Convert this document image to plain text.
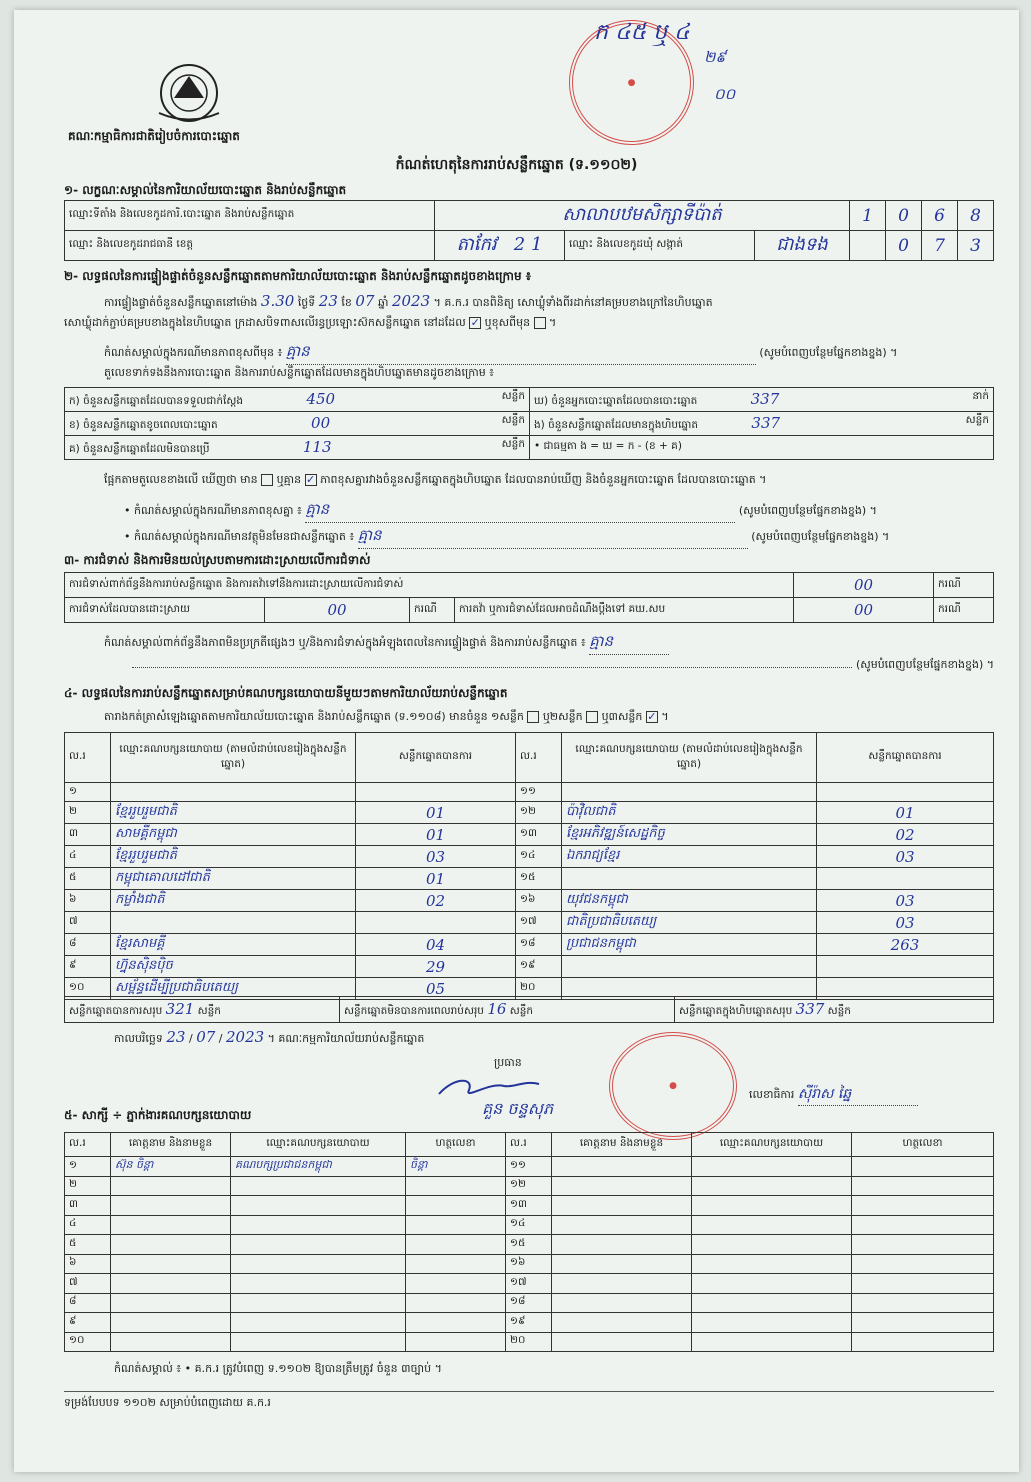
●
ក ៤៥ ឬ ៤
២៩
០០
គណៈកម្មាធិការជាតិរៀបចំការបោះឆ្នោត
កំណត់ហេតុនៃការរាប់សន្លឹកឆ្នោត (ទ.១១០២)
១- លក្ខណៈសម្គាល់នៃការិយាល័យបោះឆ្នោត និងរាប់សន្លឹកឆ្នោត
ឈ្មោះទីតាំង និងលេខកូដការិ.បោះឆ្នោត និងរាប់សន្លឹកឆ្នោត	សាលាបឋមសិក្សាទីប៉ាត់			1	0	6	8
ឈ្មោះ និងលេខកូដរាជធានី ខេត្ត	តាកែវ 2 1	ឈ្មោះ និងលេខកូដឃុំ សង្កាត់	ជាងទង		0	7	3
២- លទ្ធផលនៃការផ្ទៀងផ្ទាត់ចំនួនសន្លឹកឆ្នោតតាមការិយាល័យបោះឆ្នោត និងរាប់សន្លឹកឆ្នោតដូចខាងក្រោម ៖
ការផ្ទៀងផ្ទាត់ចំនួនសន្លឹកឆ្នោតនៅម៉ោង 3.30 ថ្ងៃទី 23 ខែ 07 ឆ្នាំ 2023 ។ គ.ក.រ បានពិនិត្យ សោឃ្លុំទាំងពីរដាក់នៅគម្របខាងក្រៅនៃហិបឆ្នោត
សោឃ្លុំដាក់ភ្ជាប់គម្របខាងក្នុងនៃហិបឆ្នោត ក្រដាសបិទពាសលើរន្ធប្រឡោះស៊កសន្លឹកឆ្នោត នៅដដែល ✓ ឬខុសពីមុន  ។
កំណត់សម្គាល់ក្នុងករណីមានភាពខុសពីមុន ៖ គ្មាន	(សូមបំពេញបន្ថែមផ្នែកខាងខ្នង) ។
តួលេខទាក់ទងនឹងការបោះឆ្នោត និងការរាប់សន្លឹកឆ្នោតដែលមានក្នុងហិបឆ្នោតមានដូចខាងក្រោម ៖
ក) ចំនួនសន្លឹកឆ្នោតដែលបានទទួលជាក់ស្តែង 450 សន្លឹក	ឃ) ចំនួនអ្នកបោះឆ្នោតដែលបានបោះឆ្នោត 337 នាក់

ខ) ចំនួនសន្លឹកឆ្នោតខូចពេលបោះឆ្នោត 00 សន្លឹក	ង) ចំនួនសន្លឹកឆ្នោតដែលមានក្នុងហិបឆ្នោត 337 សន្លឹក

គ) ចំនួនសន្លឹកឆ្នោតដែលមិនបានប្រើ 113 សន្លឹក	• ជាធម្មតា ង = ឃ = ក - (ខ + គ)
ផ្អែកតាមតួលេខខាងលើ ឃើញថា មាន ឬគ្មាន ✓ ភាពខុសគ្នារវាងចំនួនសន្លឹកឆ្នោតក្នុងហិបឆ្នោត ដែលបានរាប់ឃើញ និងចំនួនអ្នកបោះឆ្នោត ដែលបានបោះឆ្នោត ។
• កំណត់សម្គាល់ក្នុងករណីមានភាពខុសគ្នា ៖ គ្មាន	(សូមបំពេញបន្ថែមផ្នែកខាងខ្នង) ។
• កំណត់សម្គាល់ក្នុងករណីមានវត្ថុមិនមែនជាសន្លឹកឆ្នោត ៖ គ្មាន	(សូមបំពេញបន្ថែមផ្នែកខាងខ្នង) ។
៣- ការជំទាស់ និងការមិនយល់ស្របតាមការដោះស្រាយលើការជំទាស់
ការជំទាស់ពាក់ព័ន្ធនឹងការរាប់សន្លឹកឆ្នោត និងការតវ៉ាទៅនឹងការដោះស្រាយលើការជំទាស់				00	ករណី
ការជំទាស់ដែលបានដោះស្រាយ	00	ករណី	ការតវ៉ា ឬការជំទាស់ដែលអាចដំណឹងប្តឹងទៅ គឃ.សប	00	ករណី
កំណត់សម្គាល់ពាក់ព័ន្ធនឹងភាពមិនប្រក្រតីផ្សេងៗ ឬ/និងការជំទាស់ក្នុងអំឡុងពេលនៃការផ្ទៀងផ្ទាត់ និងការរាប់សន្លឹកឆ្នោត ៖ គ្មាន
(សូមបំពេញបន្ថែមផ្នែកខាងខ្នង) ។
៤- លទ្ធផលនៃការរាប់សន្លឹកឆ្នោតសម្រាប់គណបក្សនយោបាយនីមួយៗតាមការិយាល័យរាប់សន្លឹកឆ្នោត
តារាងកត់ត្រាសំឡេងឆ្នោតតាមការិយាល័យបោះឆ្នោត និងរាប់សន្លឹកឆ្នោត (ទ.១១០៨) មានចំនួន ១សន្លឹក ឬ២សន្លឹក ឬ៣សន្លឹក ✓ ។
ល.រ	ឈ្មោះគណបក្សនយោបាយ (តាមលំដាប់លេខរៀងក្នុងសន្លឹកឆ្នោត)	សន្លឹកឆ្នោតបានការ	ល.រ	ឈ្មោះគណបក្សនយោបាយ (តាមលំដាប់លេខរៀងក្នុងសន្លឹកឆ្នោត)	សន្លឹកឆ្នោតបានការ
១			១១		
២	ខ្មែររួបរួមជាតិ	01	១២	ប៉ាវ៉ិលជាតិ	01
៣	សាមគ្គីកម្ពុជា	01	១៣	ខ្មែរអភិវឌ្ឍន៍សេដ្ឋកិច្ច	02
៤	ខ្មែររួបរួមជាតិ	03	១៤	ឯករាជ្យខ្មែរ	03
៥	កម្ពុជាគោលដៅជាតិ	01	១៥		
៦	កម្លាំងជាតិ	02	១៦	យុវជនកម្ពុជា	03
៧			១៧	ជាតិប្រជាធិបតេយ្យ	03
៨	ខ្មែរសាមគ្គី	04	១៨	ប្រជាជនកម្ពុជា	263
៩	ហ្វ៊ុនស៊ិនប៉ិច	29	១៩		
១០	សម្ព័ន្ធដើម្បីប្រជាធិបតេយ្យ	05	២០		
សន្លឹកឆ្នោតបានការសរុប 321 សន្លឹក	សន្លឹកឆ្នោតមិនបានការពេលរាប់សរុប 16 សន្លឹក	សន្លឹកឆ្នោតក្នុងហិបឆ្នោតសរុប 337 សន្លឹក
កាលបរិច្ឆេទ 23 / 07 / 2023 ។ គណៈកម្មការិយាល័យរាប់សន្លឹកឆ្នោត
ប្រធាន
●
គួន ចន្ទសុភ
លេខាធិការ ស៊ីរ៉ាស ឆ្នៃ
៥- សាក្សី ÷ ភ្នាក់ងារគណបក្សនយោបាយ
ល.រ	គោត្តនាម និងនាមខ្លួន	ឈ្មោះគណបក្សនយោបាយ	ហត្ថលេខា	ល.រ	គោត្តនាម និងនាមខ្លួន	ឈ្មោះគណបក្សនយោបាយ	ហត្ថលេខា
១	ស៊ុន ចិន្តា	គណបក្សប្រជាជនកម្ពុជា	ចិន្តា	១១			
២				១២			
៣				១៣			
៤				១៤			
៥				១៥			
៦				១៦			
៧				១៧			
៨				១៨			
៩				១៩			
១០				២០			
កំណត់សម្គាល់ ៖ • គ.ក.រ ត្រូវបំពេញ ទ.១១០២ ឱ្យបានត្រឹមត្រូវ ចំនួន ៣ច្បាប់ ។
ទម្រង់បែបបទ ១១០២ សម្រាប់បំពេញដោយ គ.ក.រ
